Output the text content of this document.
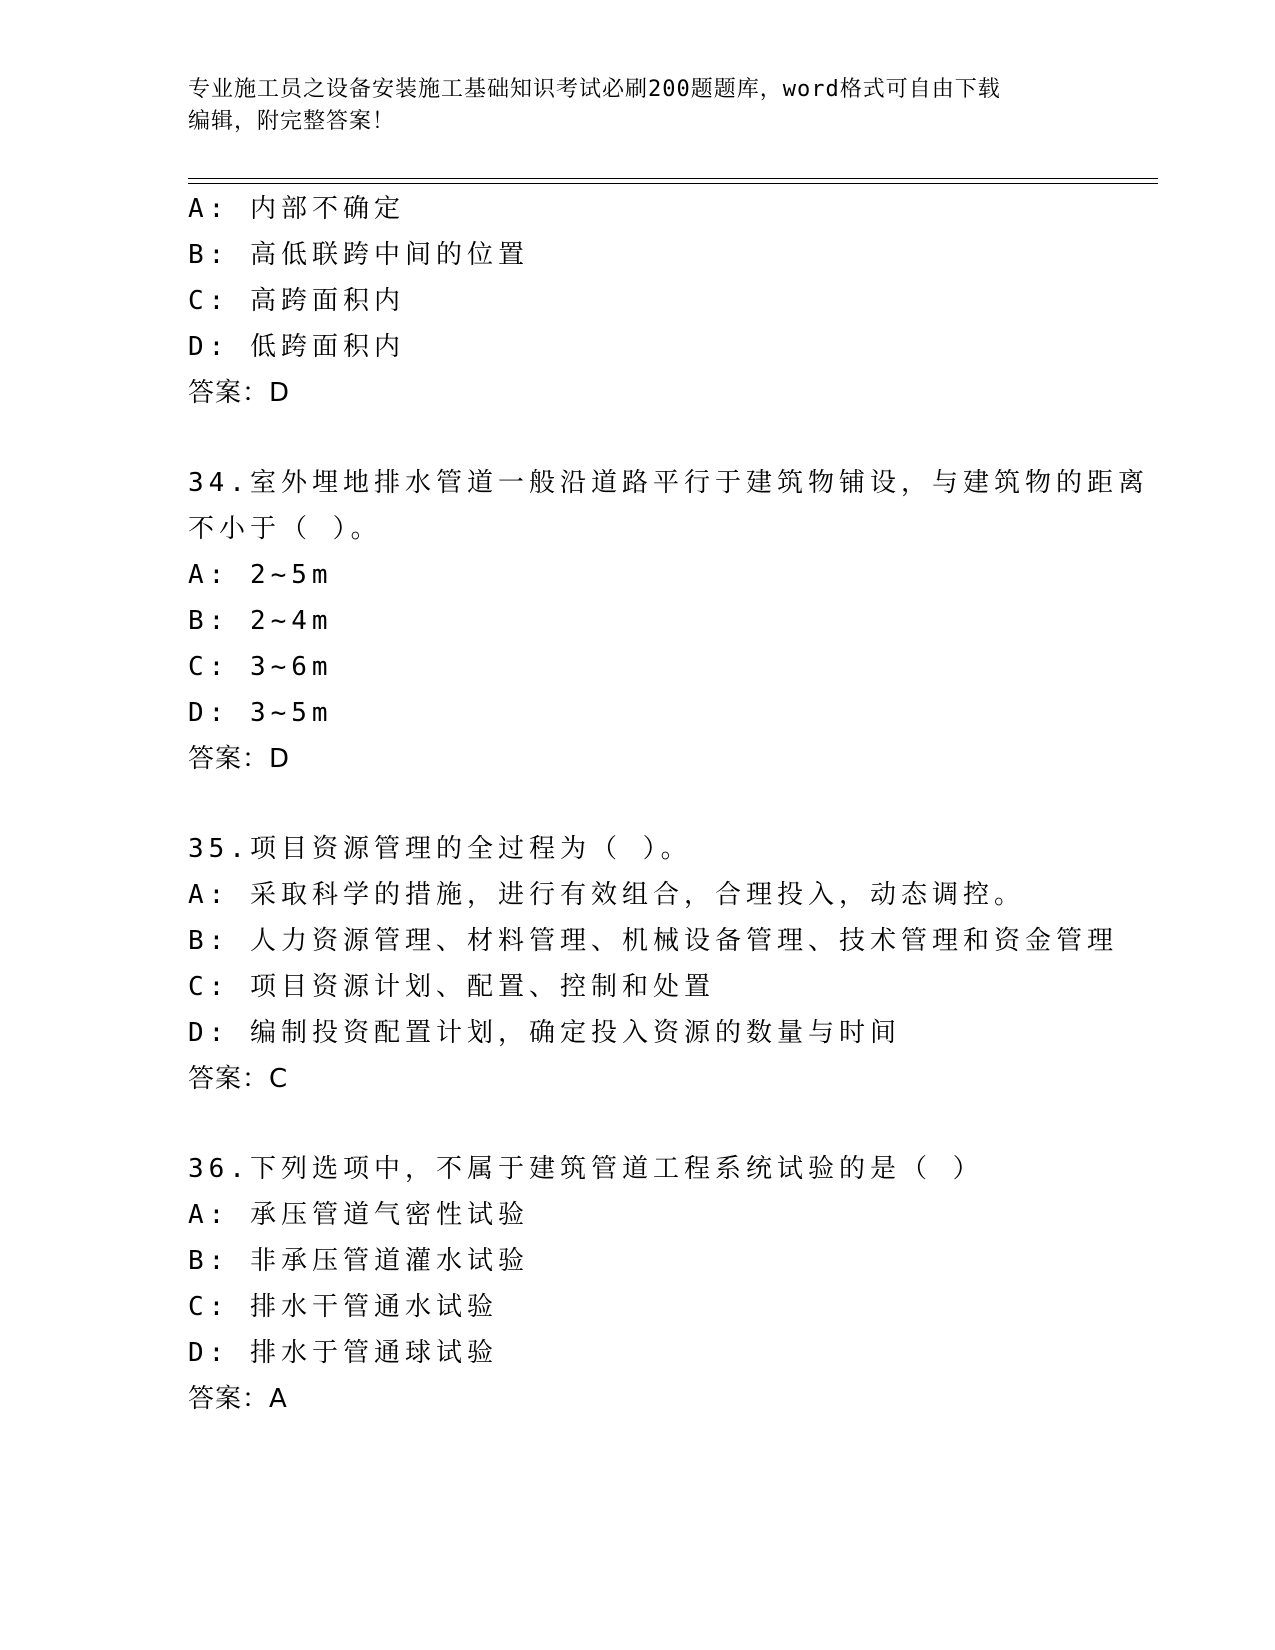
专业施工员之设备安装施工基础知识考试必刷200题题库，word格式可自由下载
编辑，附完整答案！
A: 内部不确定
B: 高低联跨中间的位置
C: 高跨面积内
D: 低跨面积内
答案：D
34.室外埋地排水管道一般沿道路平行于建筑物铺设，与建筑物的距离
不小于（ ）。
A: 2~5m
B: 2~4m
C: 3~6m
D: 3~5m
答案：D
35.项目资源管理的全过程为（ ）。
A: 采取科学的措施，进行有效组合，合理投入，动态调控。
B: 人力资源管理、材料管理、机械设备管理、技术管理和资金管理
C: 项目资源计划、配置、控制和处置
D: 编制投资配置计划，确定投入资源的数量与时间
答案：C
36.下列选项中，不属于建筑管道工程系统试验的是（ ）
A: 承压管道气密性试验
B: 非承压管道灌水试验
C: 排水干管通水试验
D: 排水于管通球试验
答案：A
